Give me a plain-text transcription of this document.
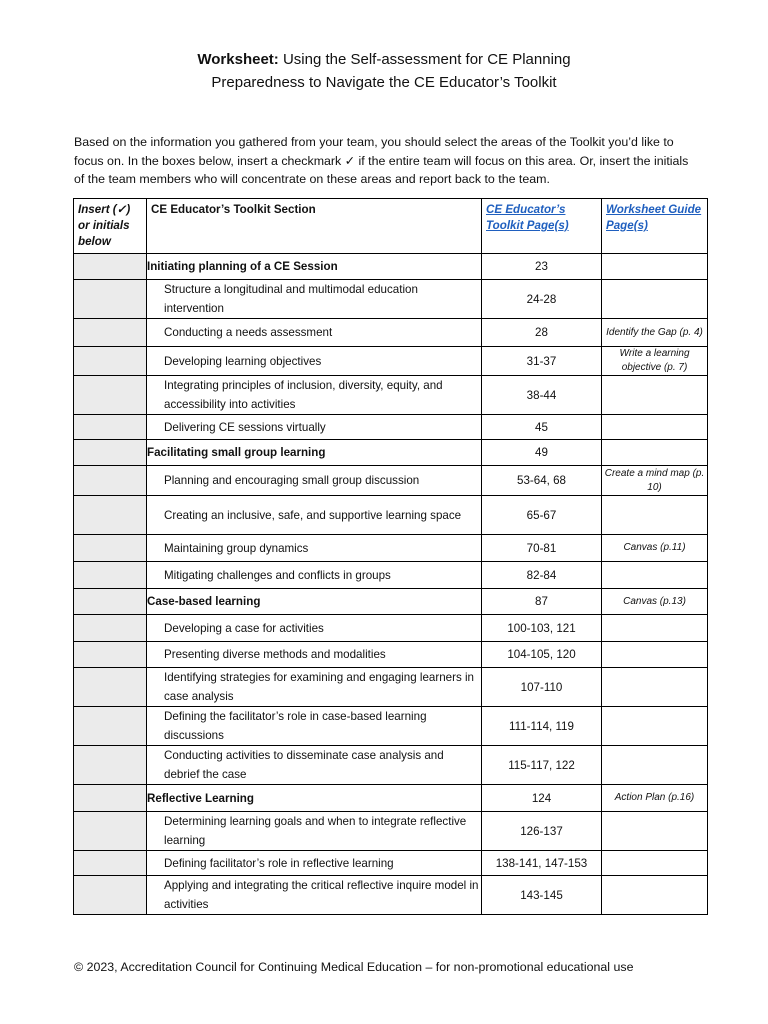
Worksheet: Using the Self-assessment for CE Planning
Preparedness to Navigate the CE Educator’s Toolkit
Based on the information you gathered from your team, you should select the areas of the Toolkit you’d like to focus on. In the boxes below, insert a checkmark ✓ if the entire team will focus on this area. Or, insert the initials of the team members who will concentrate on these areas and report back to the team.
Insert (✓) or initials below	CE Educator’s Toolkit Section	CE Educator’s Toolkit Page(s)	Worksheet Guide Page(s)
	Initiating planning of a CE Session	23	
	Structure a longitudinal and multimodal education intervention	24-28	
	Conducting a needs assessment	28	Identify the Gap (p. 4)
	Developing learning objectives	31-37	Write a learning objective (p. 7)
	Integrating principles of inclusion, diversity, equity, and accessibility into activities	38-44	
	Delivering CE sessions virtually	45	
	Facilitating small group learning	49	
	Planning and encouraging small group discussion	53-64, 68	Create a mind map (p. 10)
	Creating an inclusive, safe, and supportive learning space	65-67	
	Maintaining group dynamics	70-81	Canvas (p.11)
	Mitigating challenges and conflicts in groups	82-84	
	Case-based learning	87	Canvas (p.13)
	Developing a case for activities	100-103, 121	
	Presenting diverse methods and modalities	104-105, 120	
	Identifying strategies for examining and engaging learners in case analysis	107-110	
	Defining the facilitator’s role in case-based learning discussions	111-114, 119	
	Conducting activities to disseminate case analysis and debrief the case	115-117, 122	
	Reflective Learning	124	Action Plan (p.16)
	Determining learning goals and when to integrate reflective learning	126-137	
	Defining facilitator’s role in reflective learning	138-141, 147-153	
	Applying and integrating the critical reflective inquire model in activities	143-145	
© 2023, Accreditation Council for Continuing Medical Education – for non-promotional educational use
